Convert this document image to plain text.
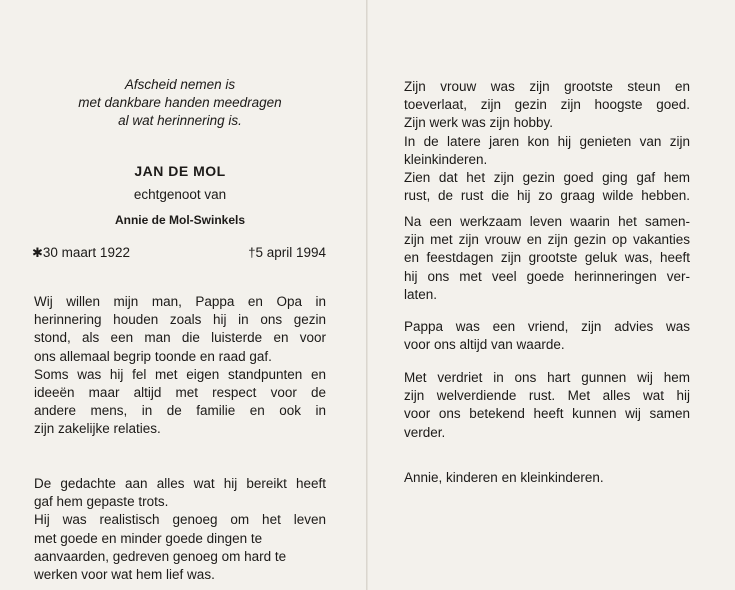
Afscheid nemen is
met dankbare handen meedragen
al wat herinnering is.
JAN DE MOL
echtgenoot van
Annie de Mol-Swinkels
✱30 maart 1922	†5 april 1994
Wij willen mijn man, Pappa en Opa in
herinnering houden zoals hij in ons gezin
stond, als een man die luisterde en voor
ons allemaal begrip toonde en raad gaf.
Soms was hij fel met eigen standpunten en
ideeën maar altijd met respect voor de
andere mens, in de familie en ook in
zijn zakelijke relaties.
De gedachte aan alles wat hij bereikt heeft
gaf hem gepaste trots.
Hij was realistisch genoeg om het leven
met goede en minder goede dingen te
aanvaarden, gedreven genoeg om hard te
werken voor wat hem lief was.
Zijn vrouw was zijn grootste steun en
toeverlaat, zijn gezin zijn hoogste goed.
Zijn werk was zijn hobby.
In de latere jaren kon hij genieten van zijn
kleinkinderen.
Zien dat het zijn gezin goed ging gaf hem
rust, de rust die hij zo graag wilde hebben.
Na een werkzaam leven waarin het samen-
zijn met zijn vrouw en zijn gezin op vakanties
en feestdagen zijn grootste geluk was, heeft
hij ons met veel goede herinneringen ver-
laten.
Pappa was een vriend, zijn advies was
voor ons altijd van waarde.
Met verdriet in ons hart gunnen wij hem
zijn welverdiende rust. Met alles wat hij
voor ons betekend heeft kunnen wij samen
verder.
Annie, kinderen en kleinkinderen.
